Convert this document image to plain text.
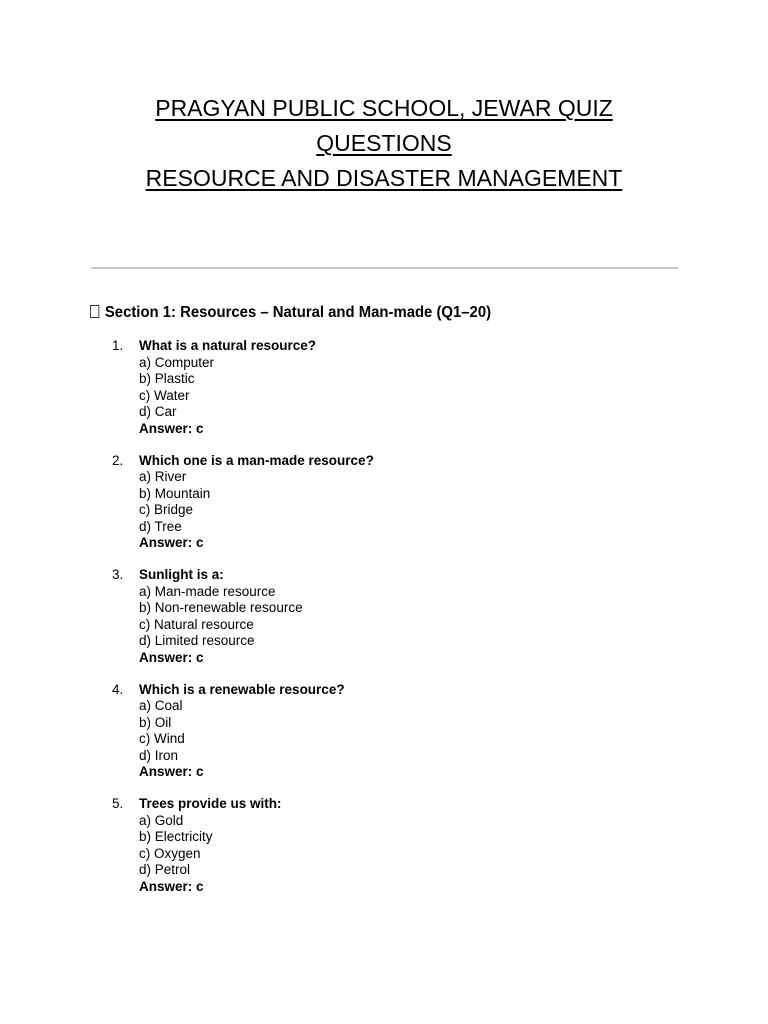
PRAGYAN PUBLIC SCHOOL, JEWAR QUIZ
QUESTIONS
RESOURCE AND DISASTER MANAGEMENT
Section 1: Resources – Natural and Man-made (Q1–20)
1. What is a natural resource?
a) Computer
b) Plastic
c) Water
d) Car
Answer: c
2. Which one is a man-made resource?
a) River
b) Mountain
c) Bridge
d) Tree
Answer: c
3. Sunlight is a:
a) Man-made resource
b) Non-renewable resource
c) Natural resource
d) Limited resource
Answer: c
4. Which is a renewable resource?
a) Coal
b) Oil
c) Wind
d) Iron
Answer: c
5. Trees provide us with:
a) Gold
b) Electricity
c) Oxygen
d) Petrol
Answer: c
